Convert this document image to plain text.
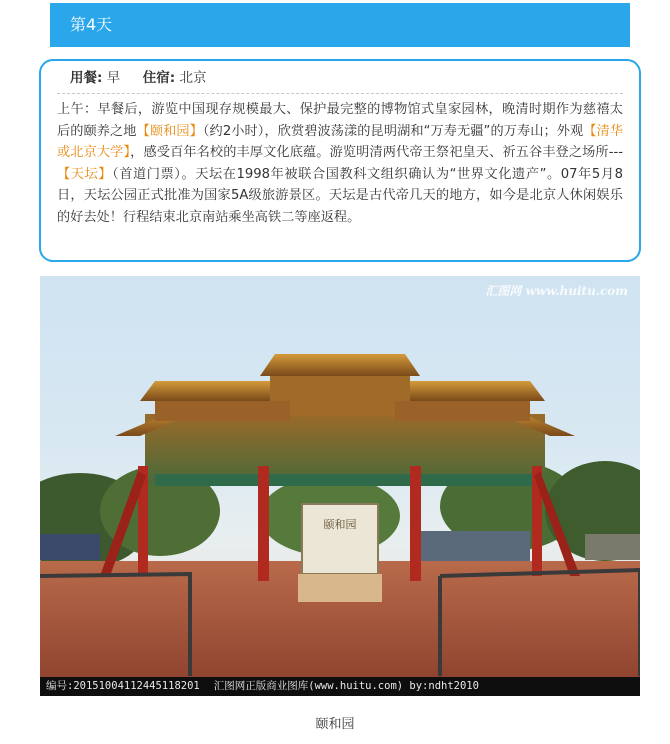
第4天
用餐: 早 住宿: 北京
上午：早餐后，游览中国现存规模最大、保护最完整的博物馆式皇家园林，晚清时期作为慈禧太后的颐养之地【颐和园】（约2小时），欣赏碧波荡漾的昆明湖和“万寿无疆”的万寿山；外观【清华或北京大学】，感受百年名校的丰厚文化底蕴。游览明清两代帝王祭祀皇天、祈五谷丰登之场所---【天坛】（首道门票）。天坛在1998年被联合国教科文组织确认为“世界文化遗产”。07年5月8日，天坛公园正式批准为国家5A级旅游景区。天坛是古代帝几天的地方，如今是北京人休闲娱乐的好去处！行程结束北京南站乘坐高铁二等座返程。
颐和园
汇图网 www.huitu.com
编号:20151004112445118201 汇图网正版商业图库(www.huitu.com) by:ndht2010
颐和园
